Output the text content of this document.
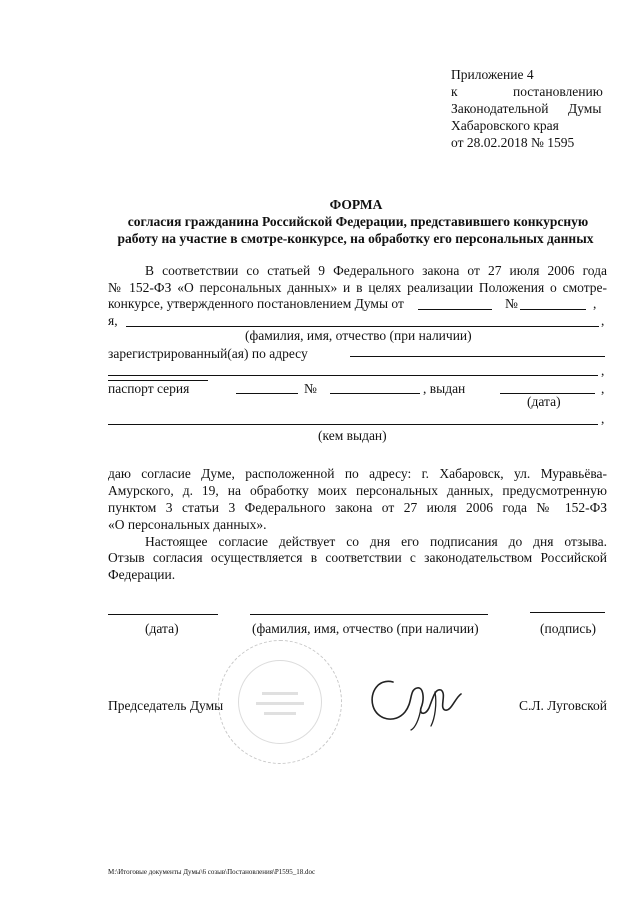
Приложение 4
к	постановлению
Законодательной Думы
Хабаровского края
от 28.02.2018 № 1595
ФОРМА
согласия гражданина Российской Федерации, представившего конкурсную
работу на участие в смотре-конкурсе, на обработку его персональных данных
В соответствии со статьей 9 Федерального закона от 27 июля 2006 года
№ 152-ФЗ «О персональных данных» и в целях реализации Положения о смотре-
конкурсе, утвержденного постановлением Думы от	№	,
я,	,
(фамилия, имя, отчество (при наличии)
зарегистрированный(ая) по адресу
,
паспорт серия	№	, выдан	,
(дата)
,
(кем выдан)
даю согласие Думе, расположенной по адресу: г. Хабаровск, ул. Муравьёва-
Амурского, д. 19, на обработку моих персональных данных, предусмотренную
пунктом 3 статьи 3 Федерального закона от 27 июля 2006 года № 152-ФЗ
«О персональных данных».
Настоящее согласие действует со дня его подписания до дня отзыва.
Отзыв согласия осуществляется в соответствии с законодательством Российской
Федерации.
(дата)	(фамилия, имя, отчество (при наличии)	(подпись)
Председатель Думы	С.Л. Луговской
M:\Итоговые документы Думы\6 созыв\Постановления\P1595_18.doc
